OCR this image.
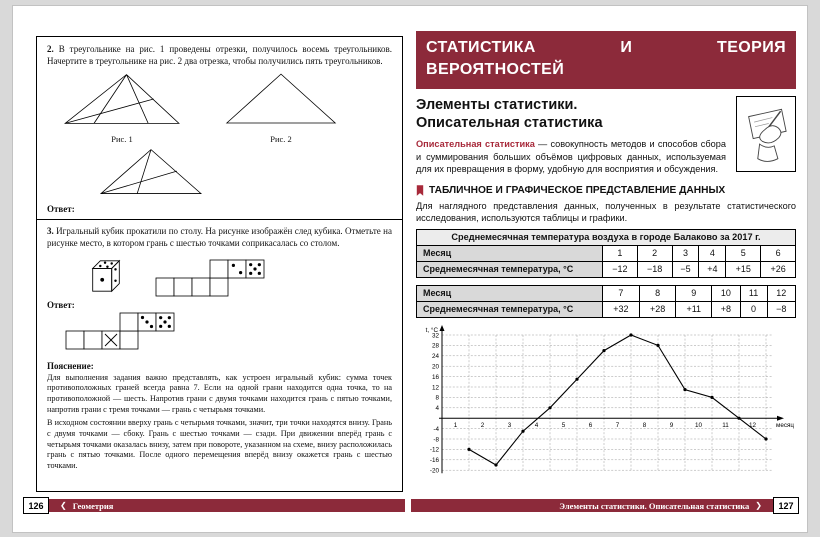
2. В треугольнике на рис. 1 проведены отрезки, получилось восемь треугольников. Начертите в треугольнике на рис. 2 два отрезка, чтобы получились пять треугольников.

Рис. 1	Рис. 2

Ответ:

3. Игральный кубик прокатили по столу. На рисунке изображён след кубика. Отметьте на рисунке место, в котором грань с шестью точками соприкасалась со столом.

Ответ:

Пояснение:

Для выполнения задания важно представлять, как устроен игральный кубик: сумма точек противоположных граней всегда равна 7. Если на одной грани находится одна точка, то на противоположной — шесть. Напротив грани с двумя точками находится грань с пятью точками, напротив грани с тремя точками — грань с четырьмя точками.

В исходном состоянии вверху грань с четырьмя точками, значит, три точки находятся внизу. Грань с двумя точками — сбоку. Грань с шестью точками — сзади. При движении вперёд грань с четырьмя точками оказалась внизу, затем при повороте, указанном на схеме, внизу расположилась грань с пятью точками. После одного перемещения вперёд внизу окажется грань с шестью точками.

СТАТИСТИКА И ТЕОРИЯ
ВЕРОЯТНОСТЕЙ
Элементы статистики.
Описательная статистика

Описательная статистика — совокупность методов и способов сбора и суммирования больших объёмов цифровых данных, используемая для их превращения в форму, удобную для восприятия и обсуждения.

ТАБЛИЧНОЕ И ГРАФИЧЕСКОЕ ПРЕДСТАВЛЕНИЕ ДАННЫХ

Для наглядного представления данных, полученных в результате статистического исследования, используются таблицы и графики.

Среднемесячная температура воздуха в городе Балаково за 2017 г.
Месяц	1	2	3	4	5	6
Среднемесячная температура, °С	−12	−18	−5	+4	+15	+26
Месяц	7	8	9	10	11	12
Среднемесячная температура, °С	+32	+28	+11	+8	0	−8
-20
-16
-12
-8
-4
4
8
12
16
20
24
28
32
1	2	3	4	5	6	7	8	9	10	11	12
t, °С
месяц
❮ Геометрия
126	Элементы статистики. Описательная статистика ❯	127
